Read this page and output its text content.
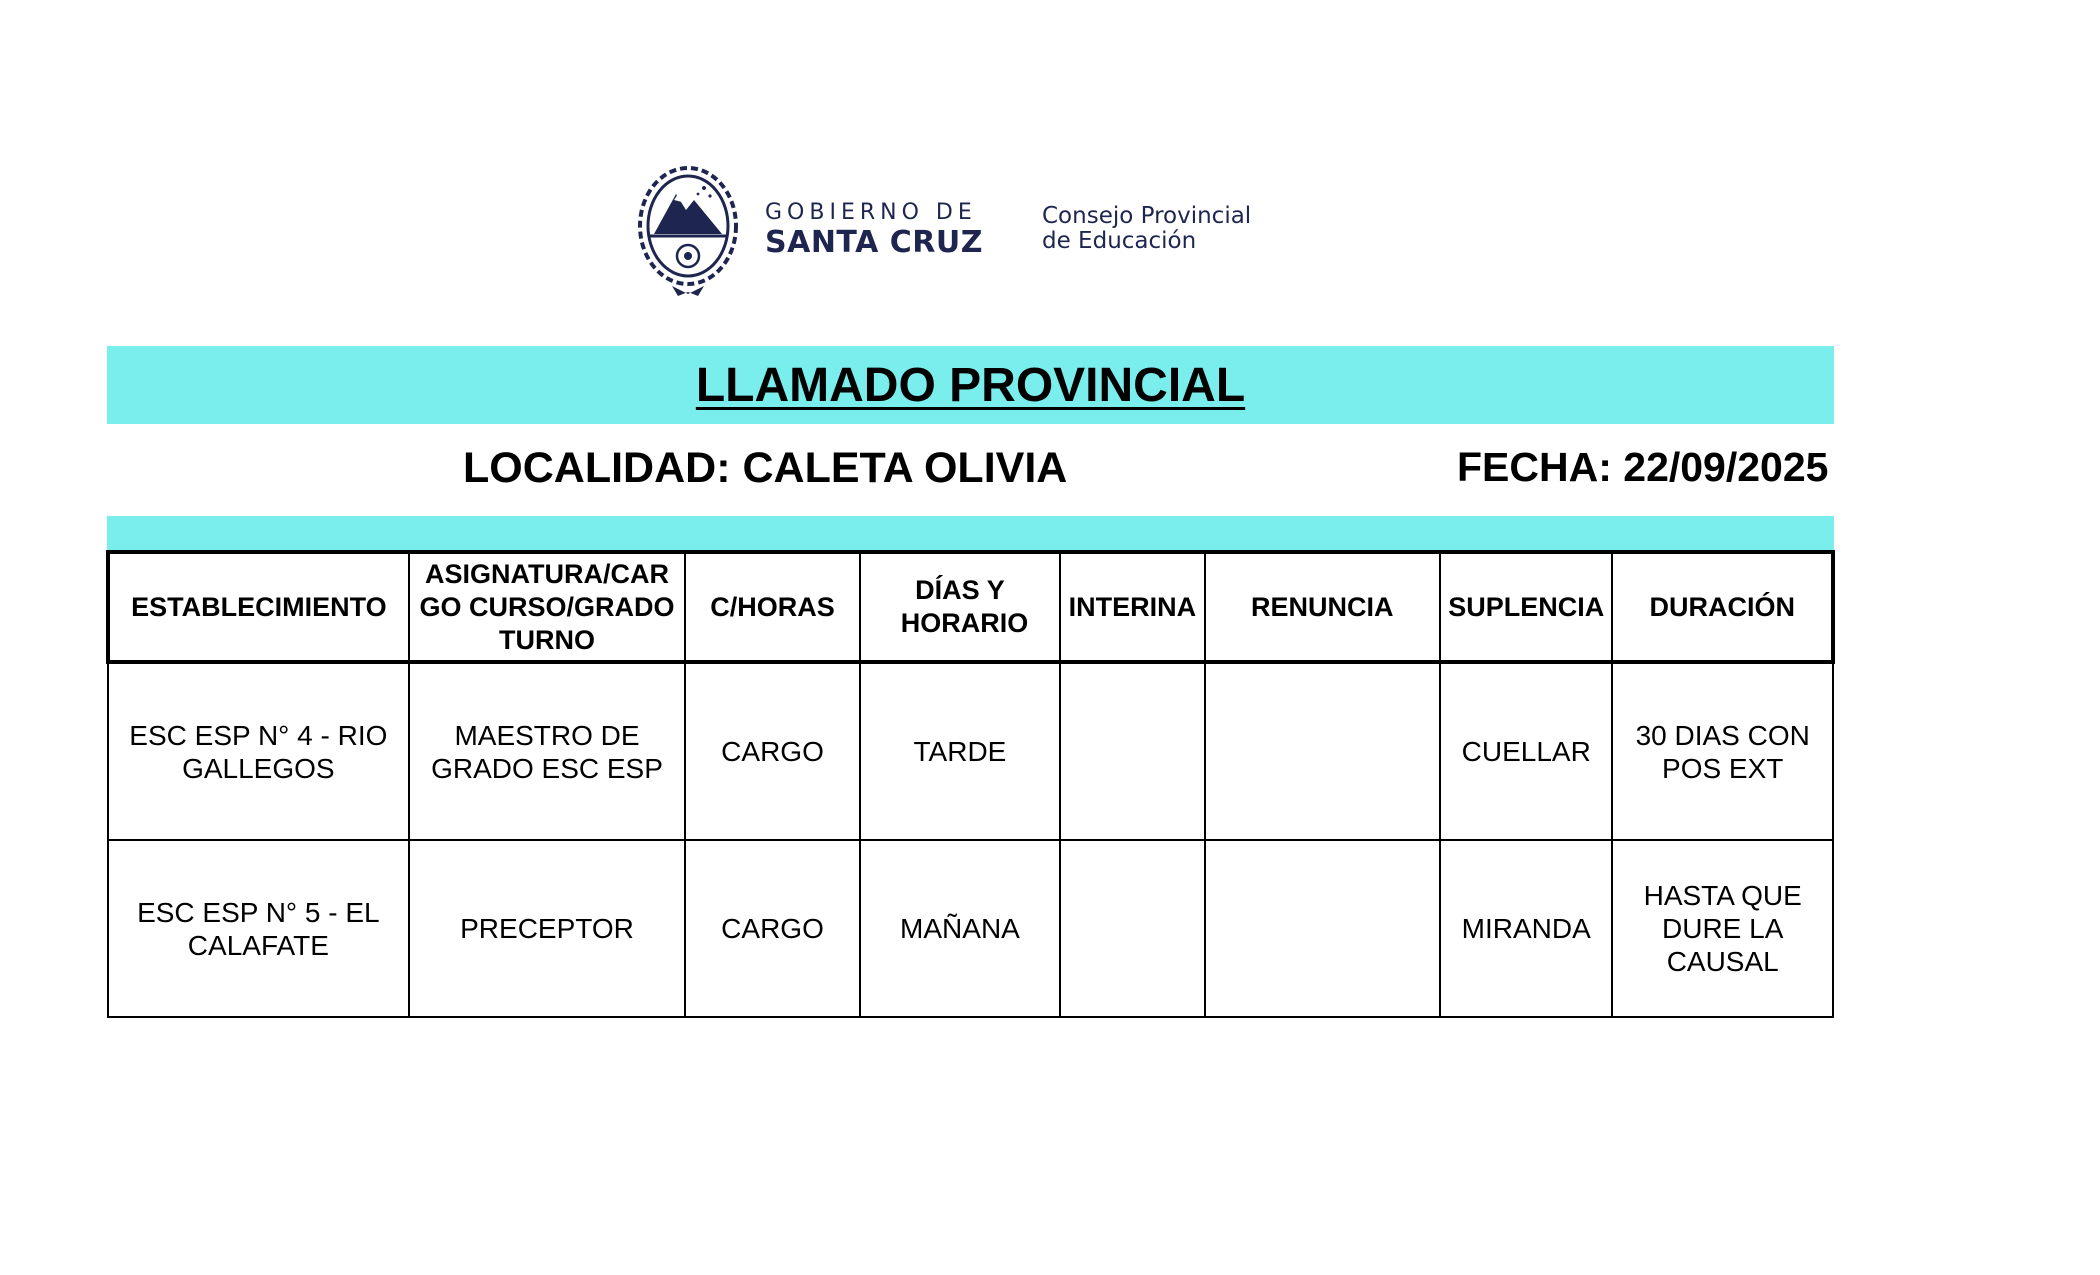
GOBIERNO DE
SANTA CRUZ
Consejo Provincial
de Educación
LLAMADO PROVINCIAL
LOCALIDAD: CALETA OLIVIA	FECHA: 22/09/2025
ESTABLECIMIENTO	ASIGNATURA/CARGO CURSO/GRADO TURNO	C/HORAS	DÍAS Y HORARIO	INTERINA	RENUNCIA	SUPLENCIA	DURACIÓN
ESC ESP N° 4 - RIO GALLEGOS	MAESTRO DE GRADO ESC ESP	CARGO	TARDE			CUELLAR	30 DIAS CON POS EXT
ESC ESP N° 5 - EL CALAFATE	PRECEPTOR	CARGO	MAÑANA			MIRANDA	HASTA QUE DURE LA CAUSAL
